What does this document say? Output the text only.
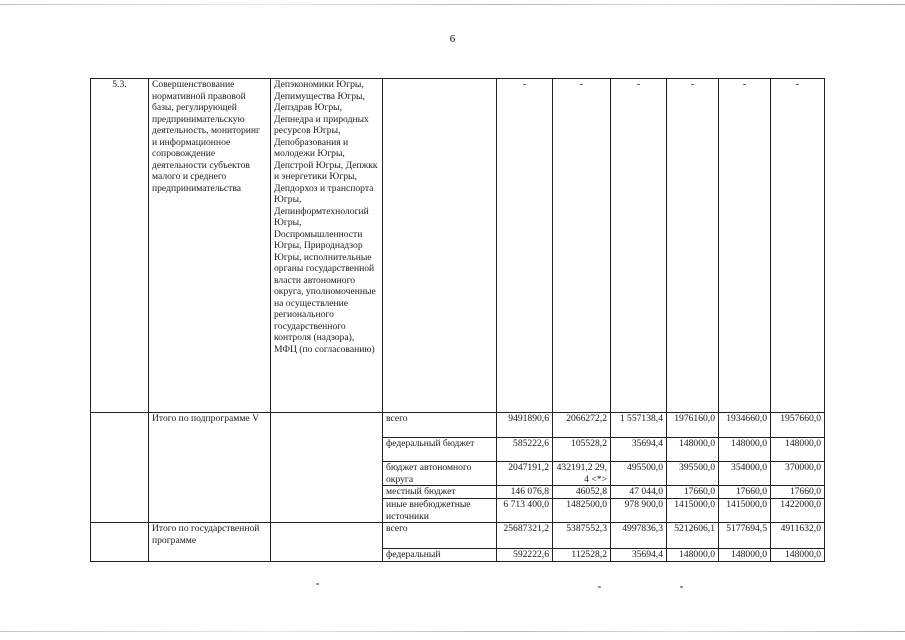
6
5.3.	Совершенствование нормативной правовой базы, регулирующей предпринимательскую деятельность, мониторинг и информационное сопровождение деятельности субъектов малого и среднего предпринимательства	Депэкономики Югры, Депимущества Югры, Депздрав Югры, Депнедра и природных ресурсов Югры, Депобразования и молодежи Югры, Депстрой Югры, Депжкк и энергетики Югры, Депдорхоз и транспорта Югры, Депинформтехнологий Югры, Docпромышленности Югры, Природнадзор Югры, исполнительные органы государственной власти автономного округа, уполномоченные на осуществление регионального государственного контроля (надзора), МФЦ (по согласованию)		-	-	-	-	-	-
	Итого по подпрограмме V		всего	9491890,6	2066272,2	1 557138,4	1976160,0	1934660,0	1957660,0
			федеральный бюджет	585222,6	105528,2	35694,4	148000,0	148000,0	148000,0
			бюджет автономного округа	2047191,2	432191,2 29,4 <*>	495500,0	395500,0	354000,0	370000,0
			местный бюджет	146 076,8	46052,8	47 044,0	17660,0	17660,0	17660,0
			иные внебюджетные источники	6 713 400,0	1482500,0	978 900,0	1415000,0	1415000,0	1422000,0
	Итого по государственной программе		всего	25687321,2	5387552,3	4997836,3	5212606,1	5177694,5	4911632,0
			федеральный	592222,6	112528,2	35694,4	148000,0	148000,0	148000,0
